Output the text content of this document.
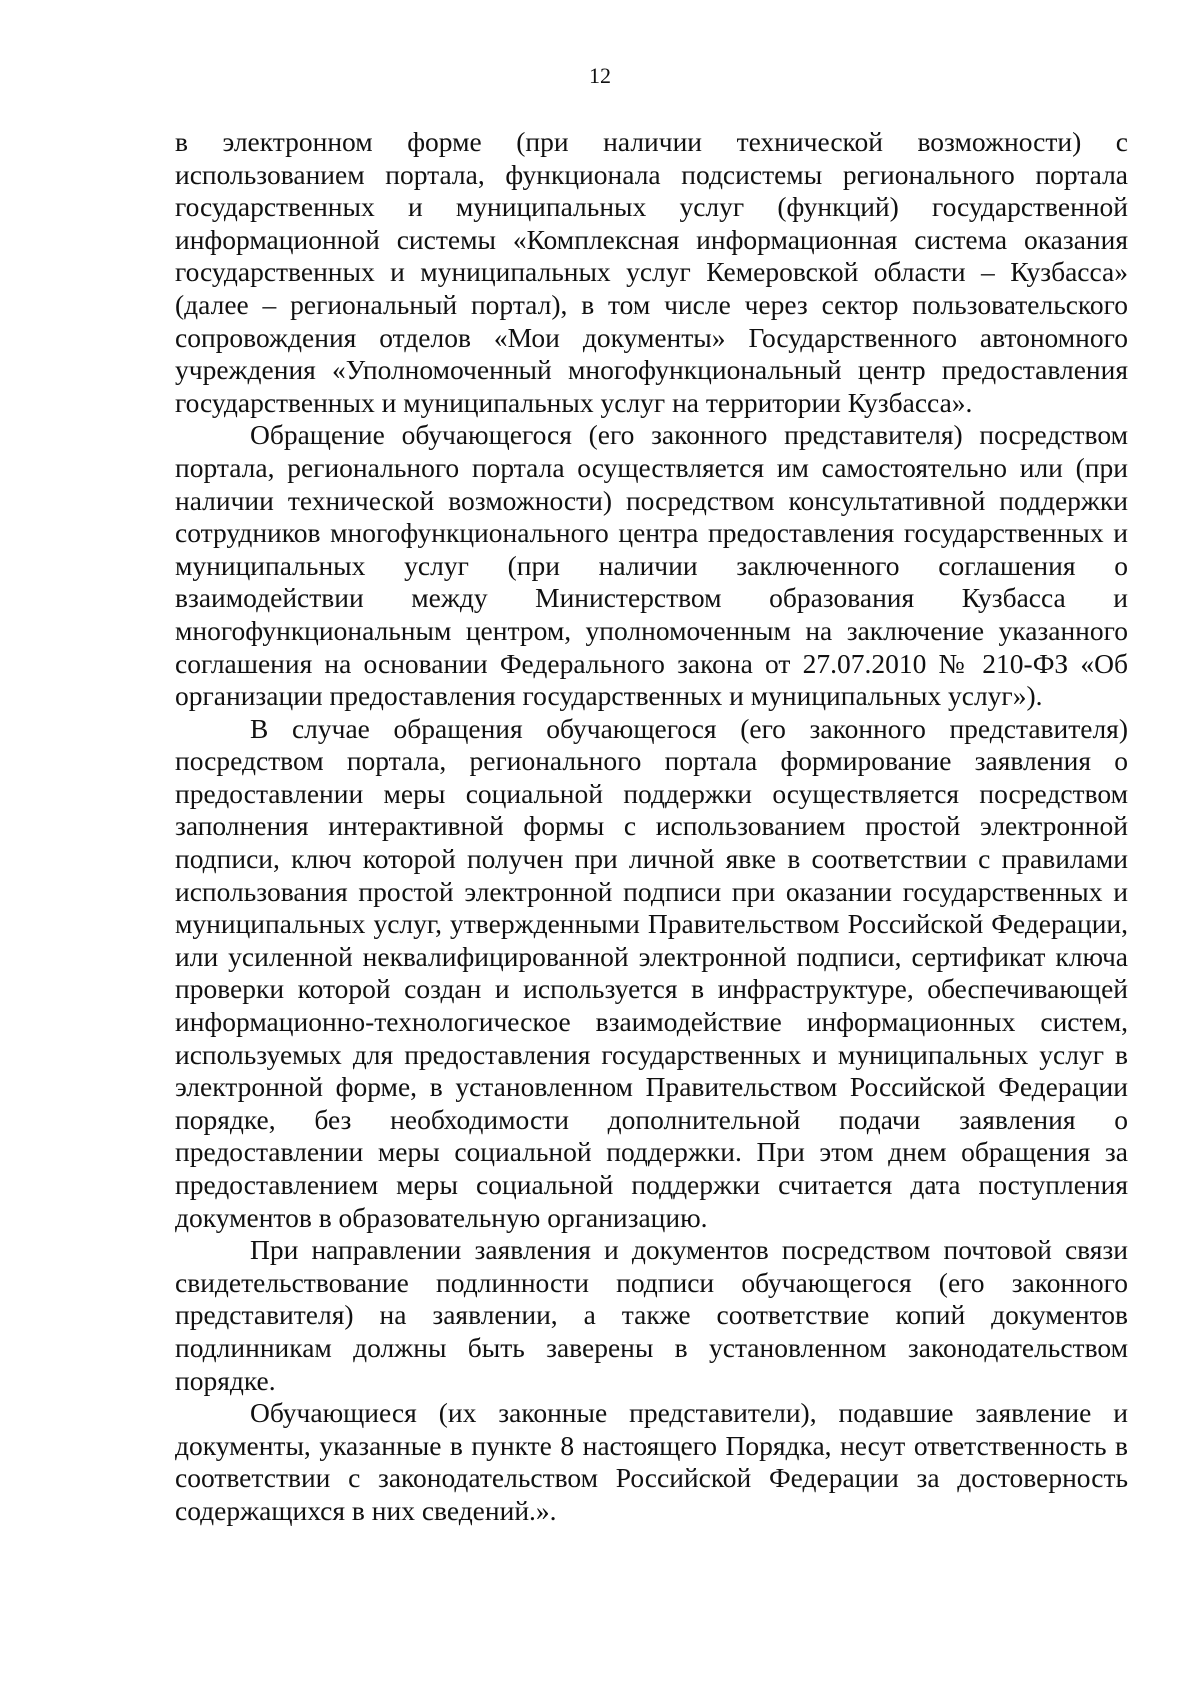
12

в электронном форме (при наличии технической возможности) с использованием портала, функционала подсистемы регионального портала государственных и муниципальных услуг (функций) государственной информационной системы «Комплексная информационная система оказания государственных и муниципальных услуг Кемеровской области – Кузбасса» (далее – региональный портал), в том числе через сектор пользовательского сопровождения отделов «Мои документы» Государственного автономного учреждения «Уполномоченный многофункциональный центр предоставления государственных и муниципальных услуг на территории Кузбасса».

Обращение обучающегося (его законного представителя) посредством портала, регионального портала осуществляется им самостоятельно или (при наличии технической возможности) посредством консультативной поддержки сотрудников многофункционального центра предоставления государственных и муниципальных услуг (при наличии заключенного соглашения о взаимодействии между Министерством образования Кузбасса и многофункциональным центром, уполномоченным на заключение указанного соглашения на основании Федерального закона от 27.07.2010 № 210-ФЗ «Об организации предоставления государственных и муниципальных услуг»).

В случае обращения обучающегося (его законного представителя) посредством портала, регионального портала формирование заявления о предоставлении меры социальной поддержки осуществляется посредством заполнения интерактивной формы с использованием простой электронной подписи, ключ которой получен при личной явке в соответствии с правилами использования простой электронной подписи при оказании государственных и муниципальных услуг, утвержденными Правительством Российской Федерации, или усиленной неквалифицированной электронной подписи, сертификат ключа проверки которой создан и используется в инфраструктуре, обеспечивающей информационно-технологическое взаимодействие информационных систем, используемых для предоставления государственных и муниципальных услуг в электронной форме, в установленном Правительством Российской Федерации порядке, без необходимости дополнительной подачи заявления о предоставлении меры социальной поддержки. При этом днем обращения за предоставлением меры социальной поддержки считается дата поступления документов в образовательную организацию.

При направлении заявления и документов посредством почтовой связи свидетельствование подлинности подписи обучающегося (его законного представителя) на заявлении, а также соответствие копий документов подлинникам должны быть заверены в установленном законодательством порядке.

Обучающиеся (их законные представители), подавшие заявление и документы, указанные в пункте 8 настоящего Порядка, несут ответственность в соответствии с законодательством Российской Федерации за достоверность содержащихся в них сведений.».
